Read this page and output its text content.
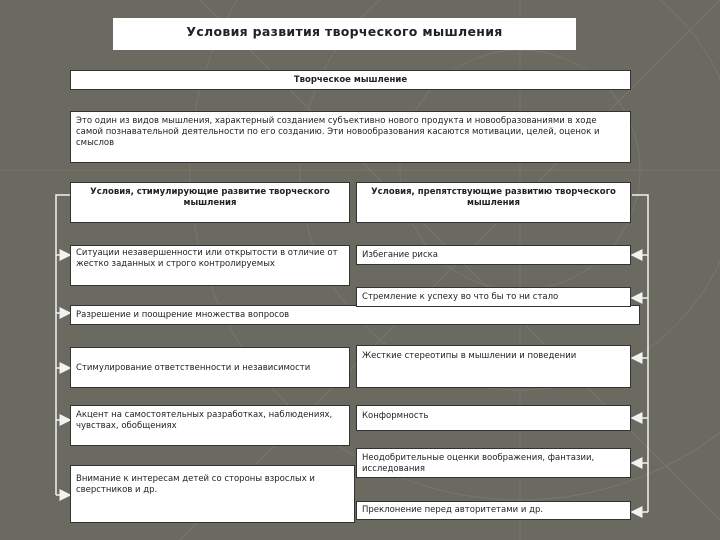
Условия развития творческого мышления
Творческое мышление
Это один из видов мышления, характерный созданием субъективно нового продукта и новообразованиями в ходе самой познавательной деятельности по его созданию. Эти новообразования касаются мотивации, целей, оценок и смыслов
Условия, стимулирующие развитие творческого мышления
Условия, препятствующие развитию творческого мышления
Ситуации незавершенности или открытости в отличие от жестко заданных и строго контролируемых
Разрешение и поощрение множества вопросов
Стимулирование ответственности и независимости
Акцент на самостоятельных разработках, наблюдениях, чувствах, обобщениях
Внимание к интересам детей со стороны взрослых и сверстников и др.
Избегание риска
Стремление к успеху во что бы то ни стало
Жесткие стереотипы в мышлении и поведении
Конформность
Неодобрительные оценки воображения, фантазии, исследования
Преклонение перед авторитетами и др.
